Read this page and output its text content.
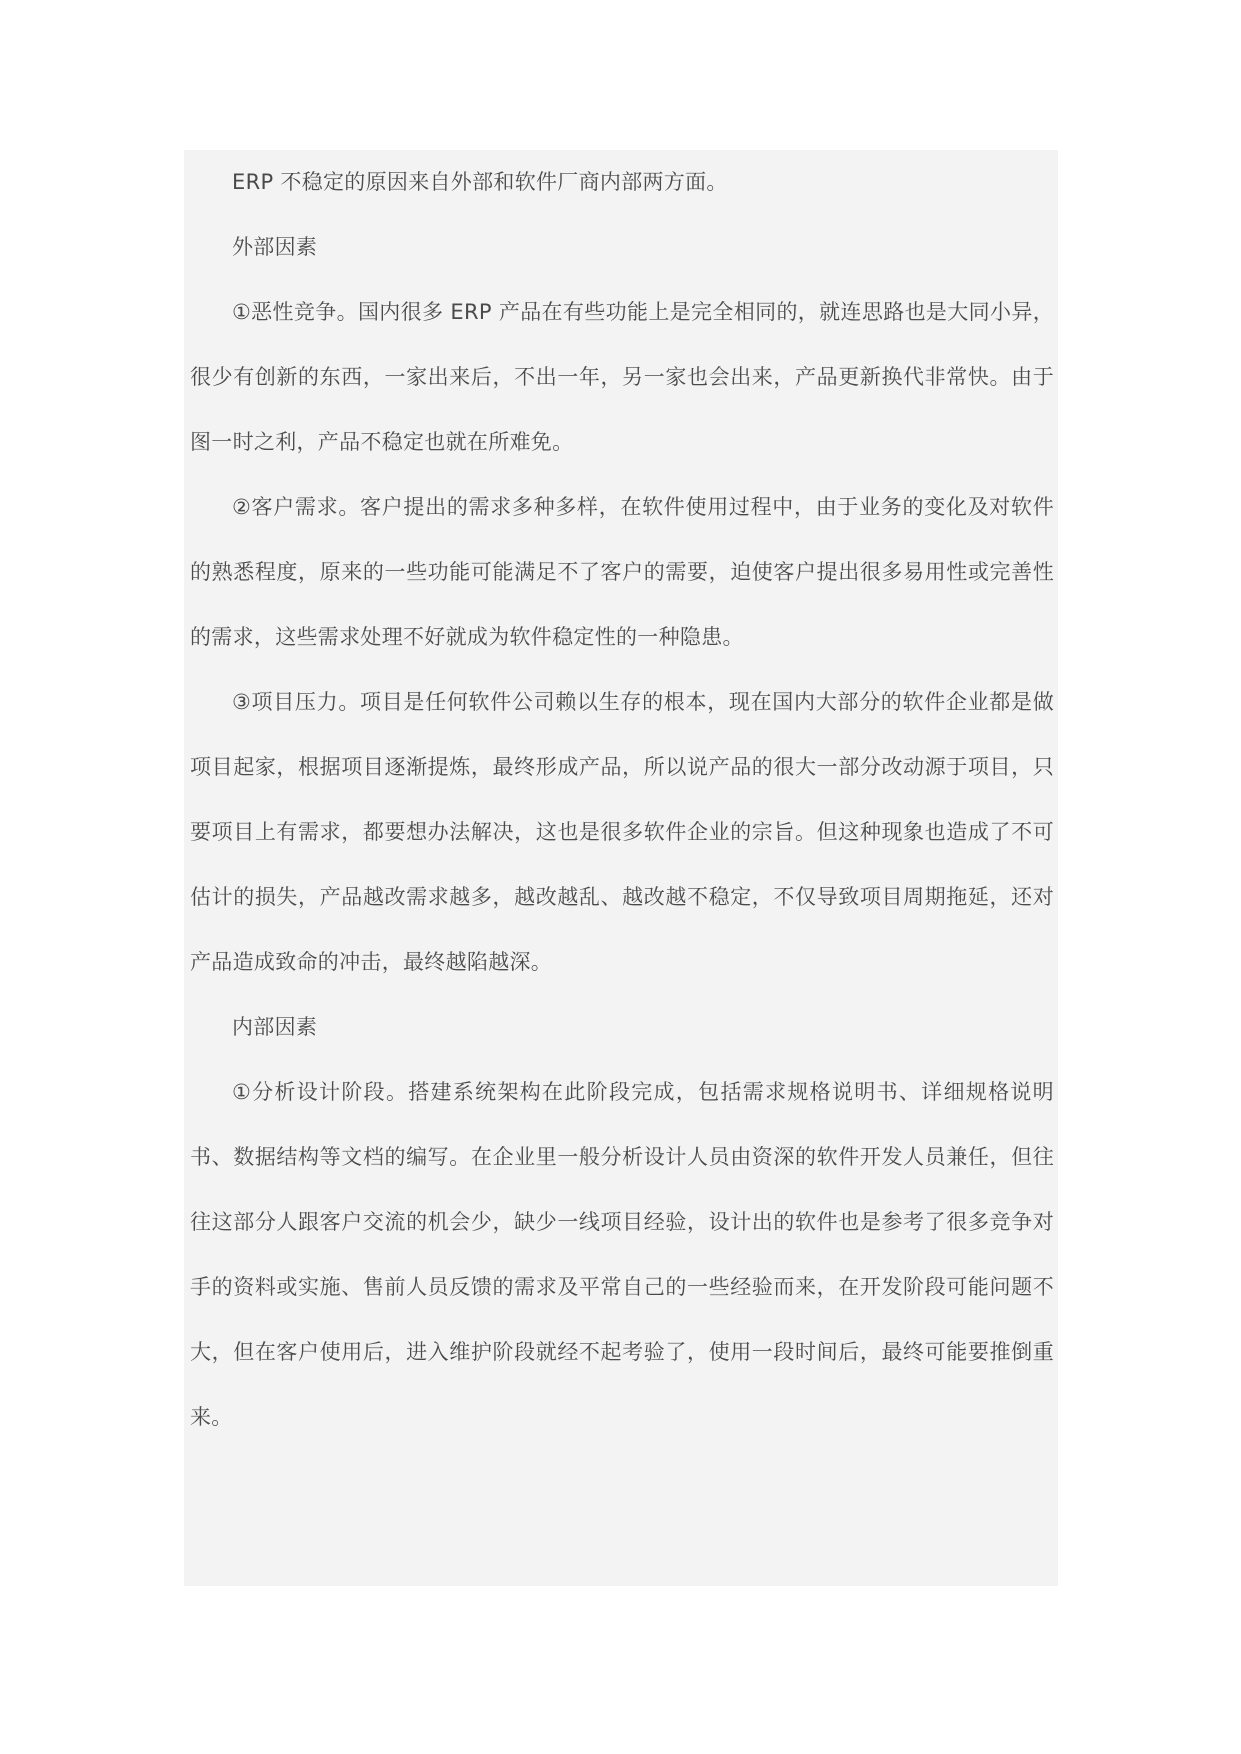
ERP 不稳定的原因来自外部和软件厂商内部两方面。

外部因素

①恶性竞争。国内很多 ERP 产品在有些功能上是完全相同的，就连思路也是大同小异，很少有创新的东西，一家出来后，不出一年，另一家也会出来，产品更新换代非常快。由于图一时之利，产品不稳定也就在所难免。

②客户需求。客户提出的需求多种多样，在软件使用过程中，由于业务的变化及对软件的熟悉程度，原来的一些功能可能满足不了客户的需要，迫使客户提出很多易用性或完善性的需求，这些需求处理不好就成为软件稳定性的一种隐患。

③项目压力。项目是任何软件公司赖以生存的根本，现在国内大部分的软件企业都是做项目起家，根据项目逐渐提炼，最终形成产品，所以说产品的很大一部分改动源于项目，只要项目上有需求，都要想办法解决，这也是很多软件企业的宗旨。但这种现象也造成了不可估计的损失，产品越改需求越多，越改越乱、越改越不稳定，不仅导致项目周期拖延，还对产品造成致命的冲击，最终越陷越深。

内部因素

①分析设计阶段。搭建系统架构在此阶段完成，包括需求规格说明书、详细规格说明书、数据结构等文档的编写。在企业里一般分析设计人员由资深的软件开发人员兼任，但往往这部分人跟客户交流的机会少，缺少一线项目经验，设计出的软件也是参考了很多竞争对手的资料或实施、售前人员反馈的需求及平常自己的一些经验而来，在开发阶段可能问题不大，但在客户使用后，进入维护阶段就经不起考验了，使用一段时间后，最终可能要推倒重来。
